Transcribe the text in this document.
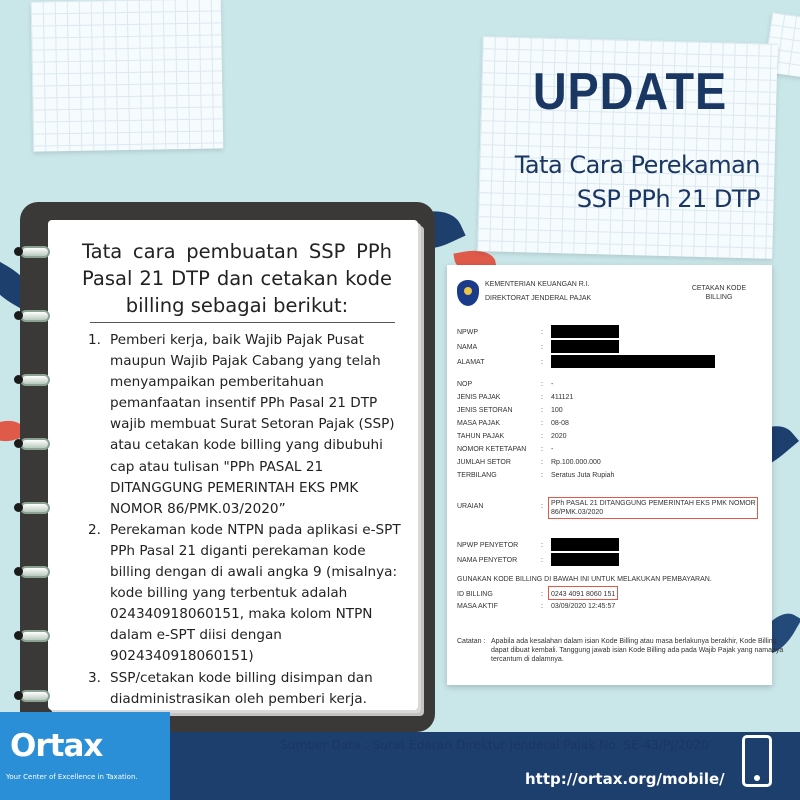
UPDATE
Tata Cara Perekaman
SSP PPh 21 DTP
Tata cara pembuatan SSP PPh Pasal 21 DTP dan cetakan kode billing sebagai berikut:
1. Pemberi kerja, baik Wajib Pajak Pusat maupun Wajib Pajak Cabang yang telah menyampaikan pemberitahuan pemanfaatan insentif PPh Pasal 21 DTP wajib membuat Surat Setoran Pajak (SSP) atau cetakan kode billing yang dibubuhi cap atau tulisan "PPh PASAL 21 DITANGGUNG PEMERINTAH EKS PMK NOMOR 86/PMK.03/2020”
2. Perekaman kode NTPN pada aplikasi e-SPT PPh Pasal 21 diganti perekaman kode billing dengan di awali angka 9 (misalnya: kode billing yang terbentuk adalah 024340918060151, maka kolom NTPN dalam e-SPT diisi dengan 9024340918060151)
3. SSP/cetakan kode billing disimpan dan diadministrasikan oleh pemberi kerja.
KEMENTERIAN KEUANGAN R.I.
DIREKTORAT JENDERAL PAJAK
CETAKAN KODE
BILLING
NPWP	:
NAMA	:
ALAMAT	:
NOP	: -
JENIS PAJAK	: 411121
JENIS SETORAN	: 100
MASA PAJAK	: 08-08
TAHUN PAJAK	: 2020
NOMOR KETETAPAN : -
JUMLAH SETOR	: Rp.100.000.000
TERBILANG	: Seratus Juta Rupiah
URAIAN	: PPh PASAL 21 DITANGGUNG PEMERINTAH EKS PMK NOMOR
86/PMK.03/2020
NPWP PENYETOR	:
NAMA PENYETOR	:
GUNAKAN KODE BILLING DI BAWAH INI UNTUK MELAKUKAN PEMBAYARAN.
ID BILLING	: 0243 4091 8060 151
MASA AKTIF	: 03/09/2020 12:45:57
Catatan : Apabila ada kesalahan dalam isian Kode Billing atau masa berlakunya berakhir, Kode Billing
dapat dibuat kembali. Tanggung jawab isian Kode Billing ada pada Wajib Pajak yang namanya
tercantum di dalamnya.
Ortax
Your Center of Excellence in Taxation.
Sumber Data : Surat Edaran Direktur Jenderal Pajak No. SE-43/PJ/2020
http://ortax.org/mobile/
